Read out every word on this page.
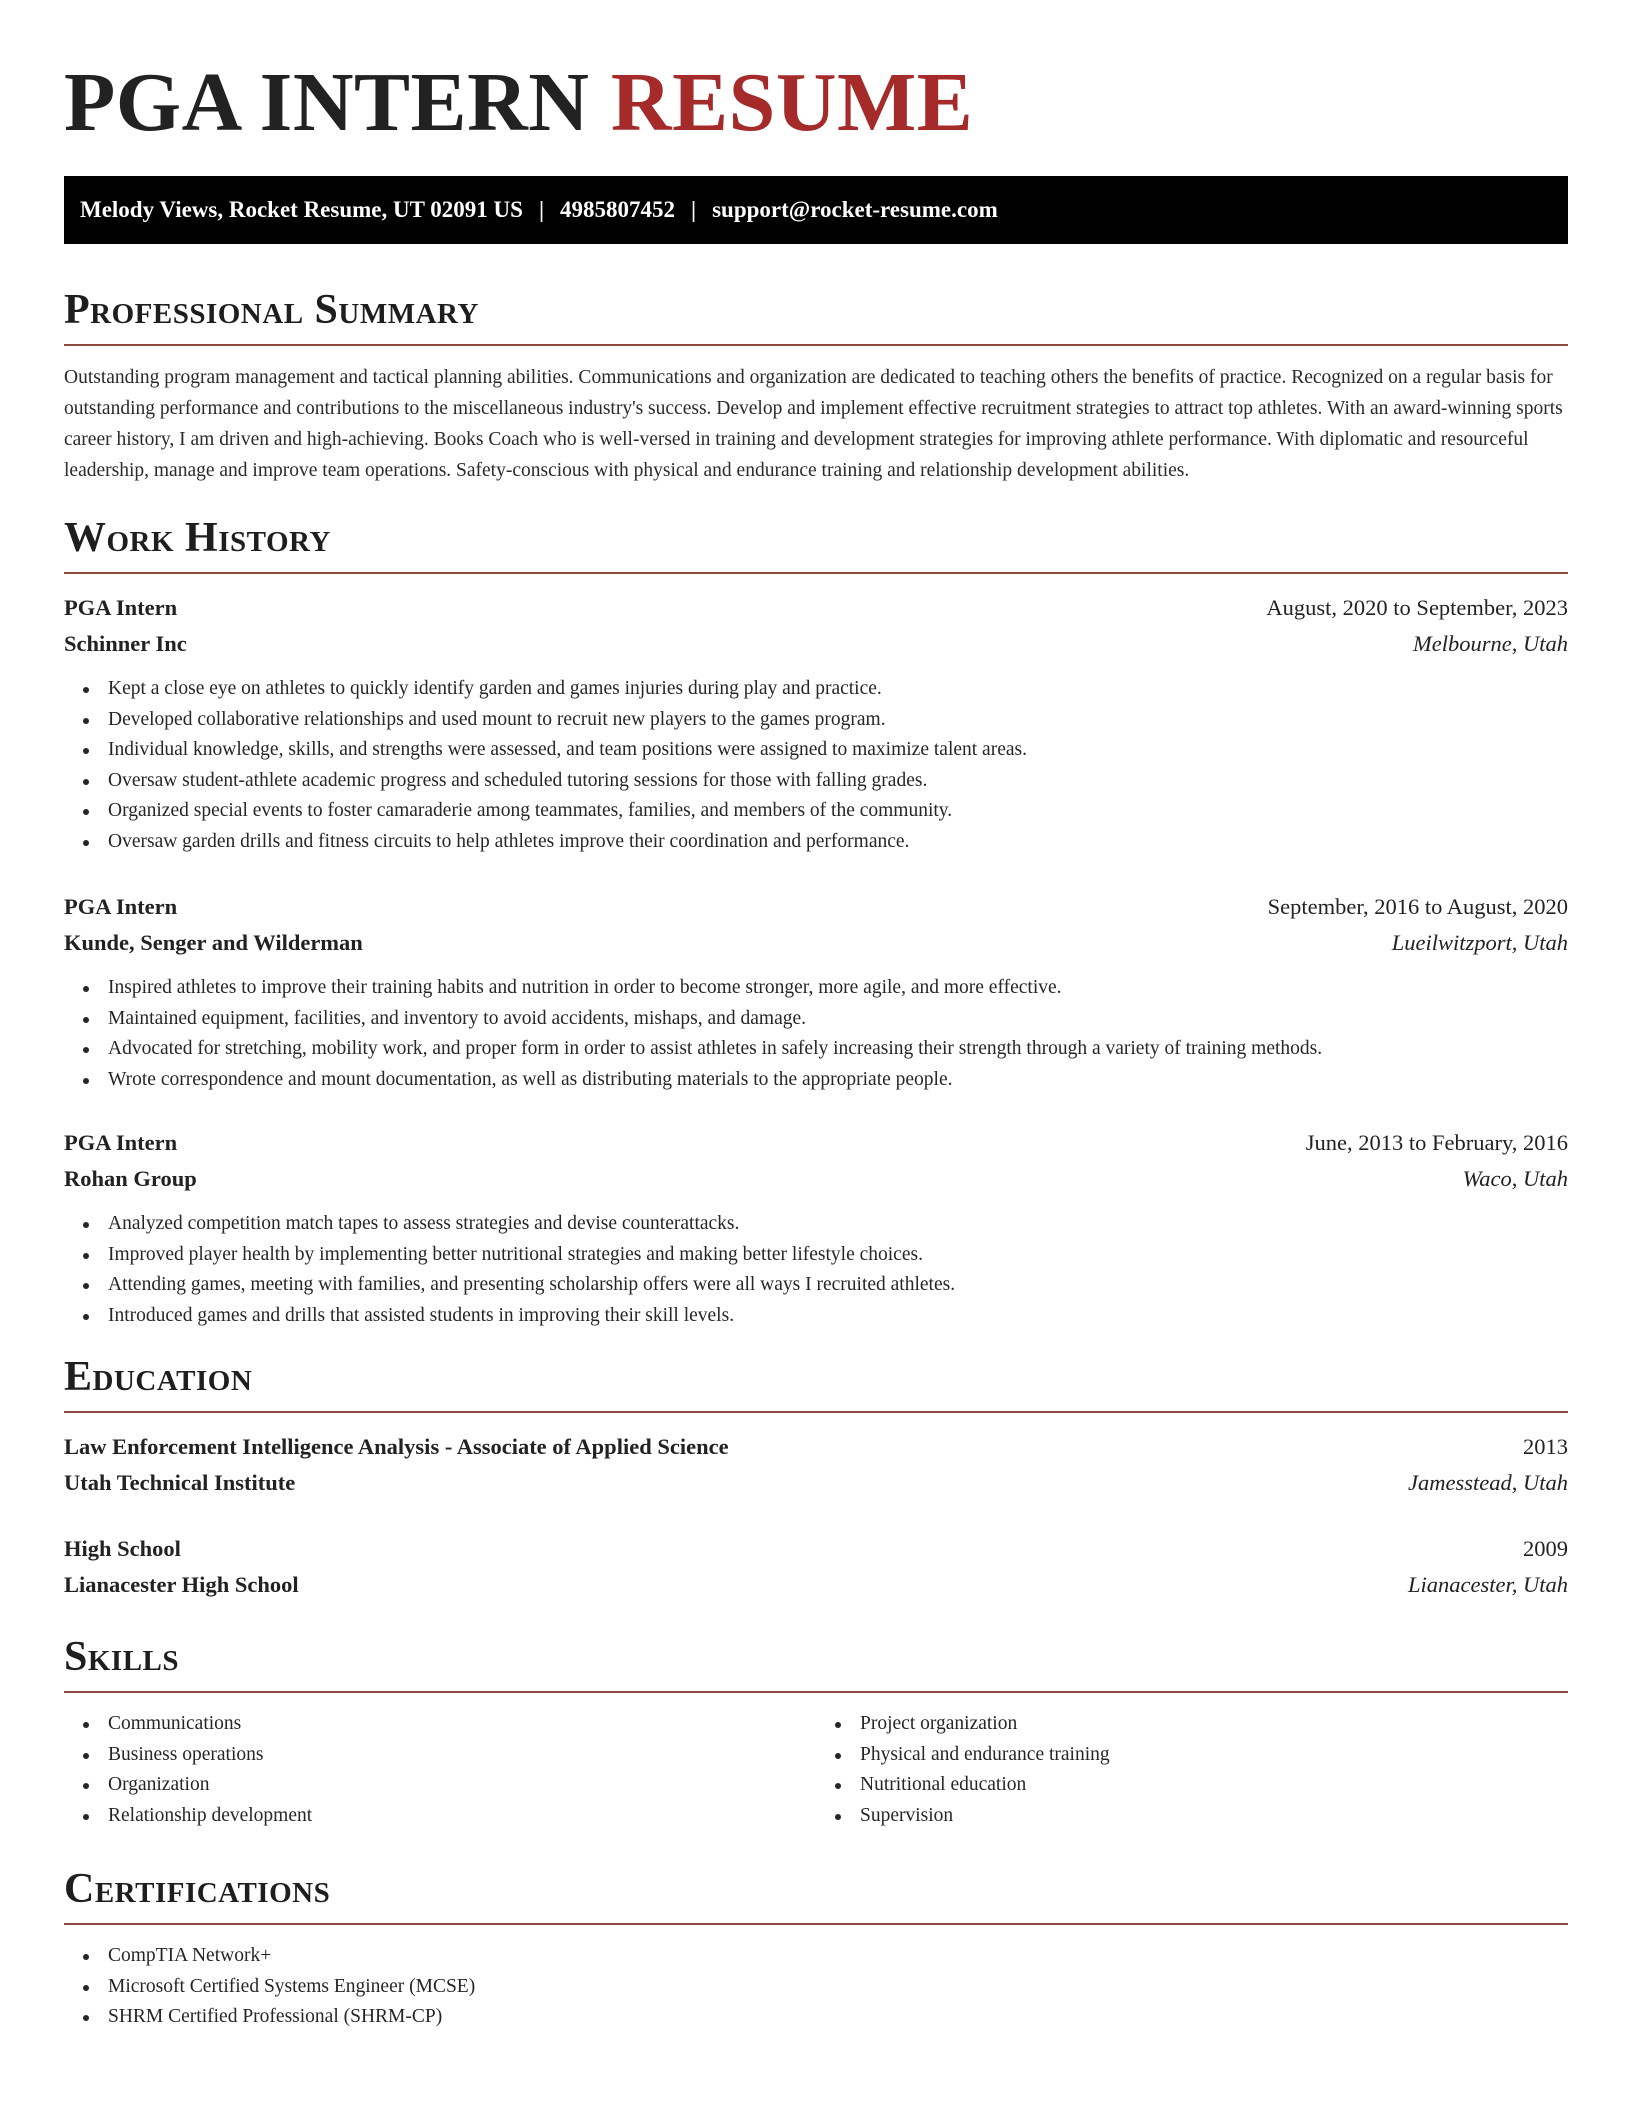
PGA INTERN RESUME
Melody Views, Rocket Resume, UT 02091 US | 4985807452 | support@rocket-resume.com
Professional Summary

Outstanding program management and tactical planning abilities. Communications and organization are dedicated to teaching others the benefits of practice. Recognized on a regular basis for outstanding performance and contributions to the miscellaneous industry's success. Develop and implement effective recruitment strategies to attract top athletes. With an award-winning sports career history, I am driven and high-achieving. Books Coach who is well-versed in training and development strategies for improving athlete performance. With diplomatic and resourceful leadership, manage and improve team operations. Safety-conscious with physical and endurance training and relationship development abilities.

Work History
PGA Intern	August, 2020 to September, 2023
Schinner Inc	Melbourne, Utah
Kept a close eye on athletes to quickly identify garden and games injuries during play and practice.
Developed collaborative relationships and used mount to recruit new players to the games program.
Individual knowledge, skills, and strengths were assessed, and team positions were assigned to maximize talent areas.
Oversaw student-athlete academic progress and scheduled tutoring sessions for those with falling grades.
Organized special events to foster camaraderie among teammates, families, and members of the community.
Oversaw garden drills and fitness circuits to help athletes improve their coordination and performance.
PGA Intern	September, 2016 to August, 2020
Kunde, Senger and Wilderman	Lueilwitzport, Utah
Inspired athletes to improve their training habits and nutrition in order to become stronger, more agile, and more effective.
Maintained equipment, facilities, and inventory to avoid accidents, mishaps, and damage.
Advocated for stretching, mobility work, and proper form in order to assist athletes in safely increasing their strength through a variety of training methods.
Wrote correspondence and mount documentation, as well as distributing materials to the appropriate people.
PGA Intern	June, 2013 to February, 2016
Rohan Group	Waco, Utah
Analyzed competition match tapes to assess strategies and devise counterattacks.
Improved player health by implementing better nutritional strategies and making better lifestyle choices.
Attending games, meeting with families, and presenting scholarship offers were all ways I recruited athletes.
Introduced games and drills that assisted students in improving their skill levels.
Education
Law Enforcement Intelligence Analysis - Associate of Applied Science	2013
Utah Technical Institute	Jamesstead, Utah
High School	2009
Lianacester High School	Lianacester, Utah
Skills
Communications
Business operations
Organization
Relationship development
Project organization
Physical and endurance training
Nutritional education
Supervision
Certifications
CompTIA Network+
Microsoft Certified Systems Engineer (MCSE)
SHRM Certified Professional (SHRM-CP)
